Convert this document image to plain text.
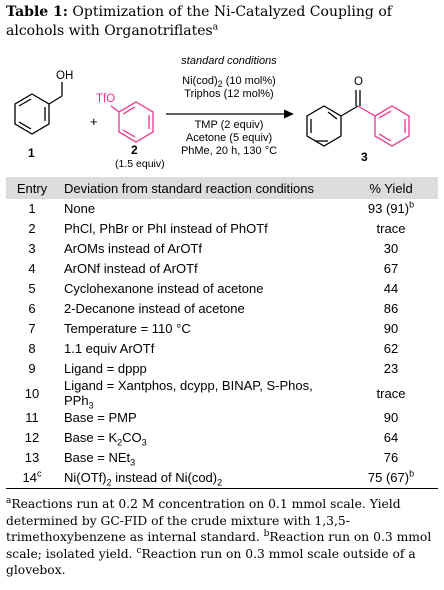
Table 1: Optimization of the Ni-Catalyzed Coupling of alcohols with Organotriflates$^a$
OH
+
TfO
O
standard conditions
$Ni(cod)_2$ (10 mol%)
Triphos (12 mol%)
TMP (2 equiv)
Acetone (5 equiv)
PhMe, 20 h, 130 °C
1	2
(1.5 equiv)	3
Entry	Deviation from standard reaction conditions	% Yield
1	None	93 $(91)^b$
2	PhCl, PhBr or PhI instead of PhOTf	trace
3	ArOMs instead of ArOTf	30
4	ArONf instead of ArOTf	67
5	Cyclohexanone instead of acetone	44
6	2-Decanone instead of acetone	86
7	Temperature = 110 °C	90
8	1.1 equiv ArOTf	62
9	Ligand = dppp	23
10	Ligand = Xantphos, dcypp, BINAP, S-Phos, PPh$_3$	trace
11	Base = PMP	90
12	Base = $K_2CO_3$	64
13	Base = NEt$_3$	76
14$^c$	$Ni(OTf)_2$ instead of $Ni(cod)_2$	75 $(67)^b$
$^a$Reactions run at 0.2 M concentration on 0.1 mmol scale. Yield determined by GC-FID of the crude mixture with 1,3,5-trimethoxybenzene as internal standard. $^b$Reaction run on 0.3 mmol scale; isolated yield. $^c$Reaction run on 0.3 mmol scale outside of a glovebox.
